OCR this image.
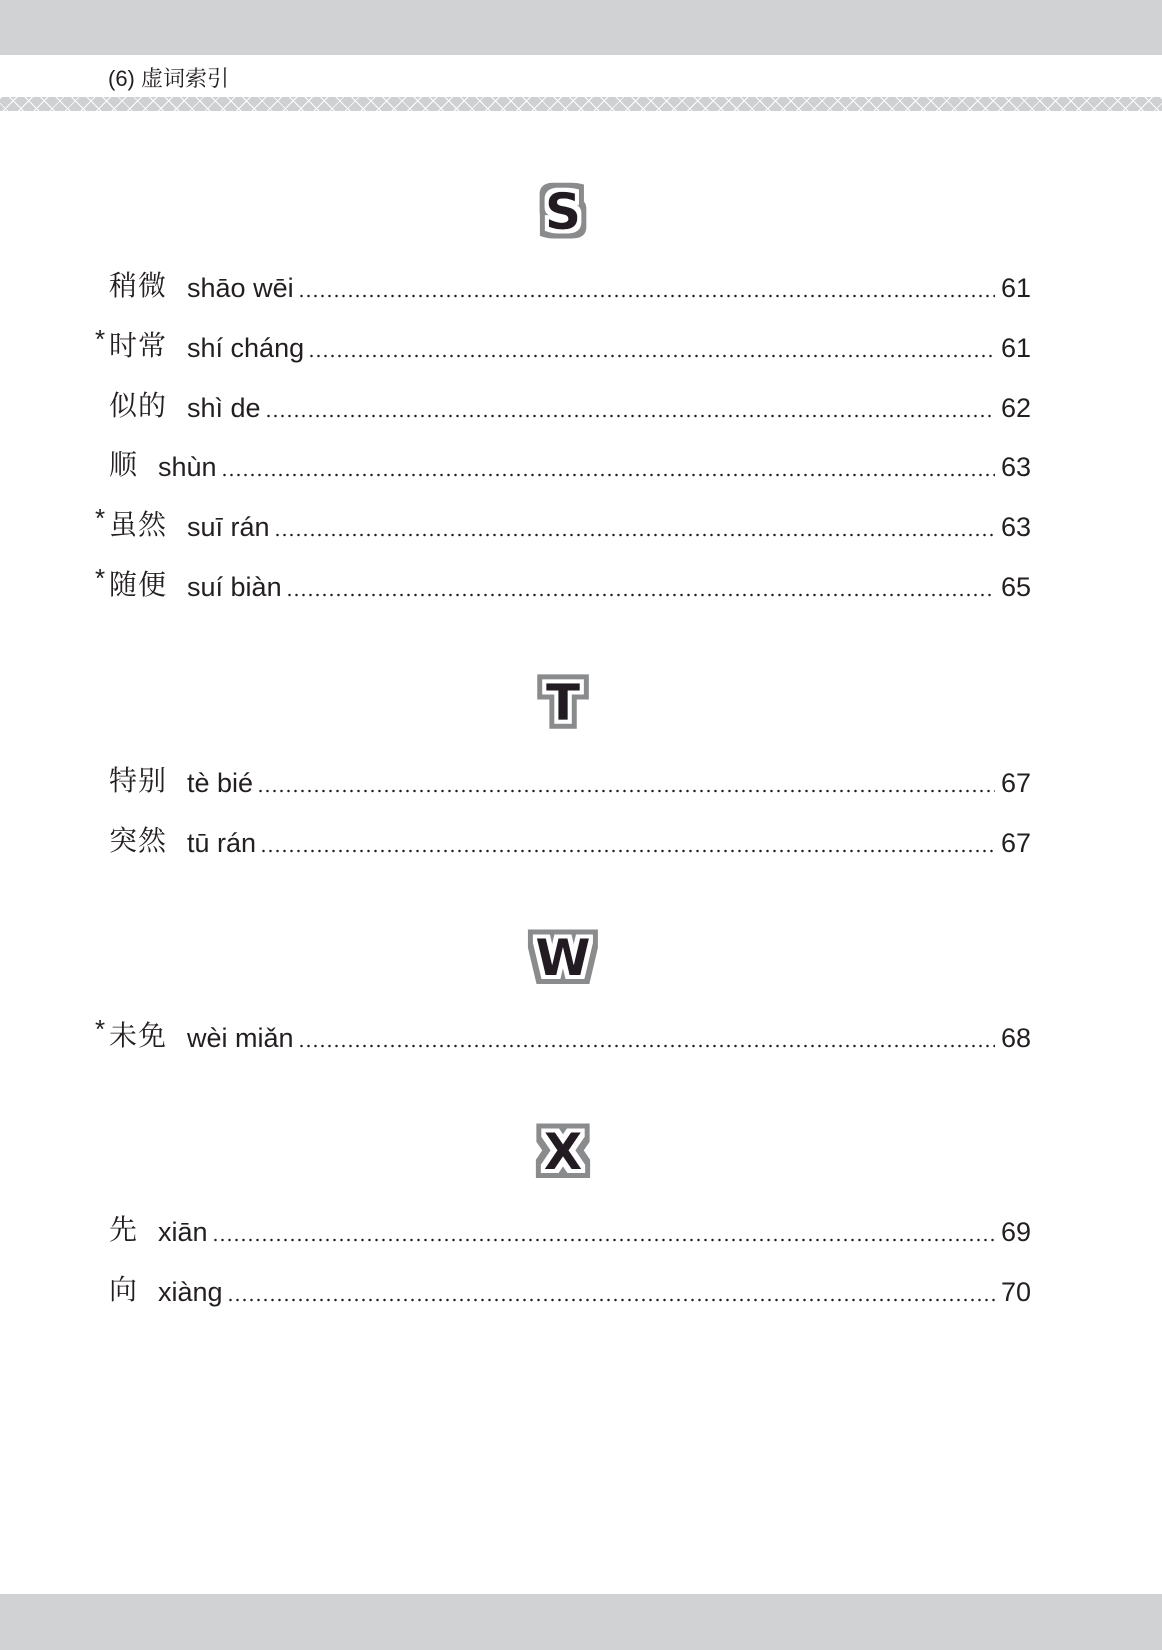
(6) 虚词索引
S
稍微 shāo wēi	61
* 时常 shí cháng	61
似的 shì de	62
顺 shùn	63
* 虽然 suī rán	63
* 随便 suí biàn	65
T
特别 tè bié	67
突然 tū rán	67
W
* 未免 wèi miǎn	68
X
先 xiān	69
向 xiàng	70
